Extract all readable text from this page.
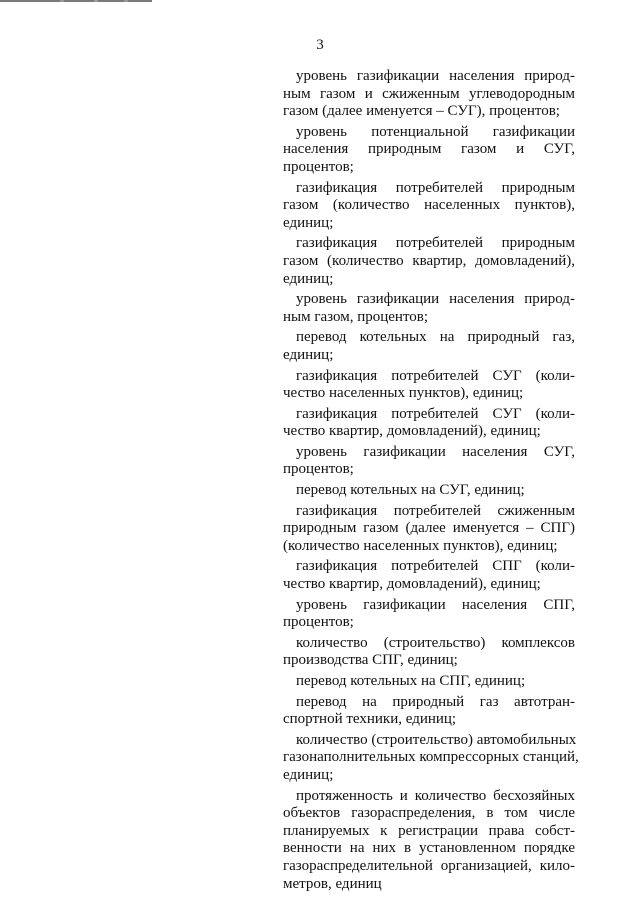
3
уровень газификации населения природ-
ным газом и сжиженным углеводородным
газом (далее именуется – СУГ), процентов;
уровень потенциальной газификации
населения природным газом и СУГ,
процентов;
газификация потребителей природным
газом (количество населенных пунктов),
единиц;
газификация потребителей природным
газом (количество квартир, домовладений),
единиц;
уровень газификации населения природ-
ным газом, процентов;
перевод котельных на природный газ,
единиц;
газификация потребителей СУГ (коли-
чество населенных пунктов), единиц;
газификация потребителей СУГ (коли-
чество квартир, домовладений), единиц;
уровень газификации населения СУГ,
процентов;
перевод котельных на СУГ, единиц;
газификация потребителей сжиженным
природным газом (далее именуется – СПГ)
(количество населенных пунктов), единиц;
газификация потребителей СПГ (коли-
чество квартир, домовладений), единиц;
уровень газификации населения СПГ,
процентов;
количество (строительство) комплексов
производства СПГ, единиц;
перевод котельных на СПГ, единиц;
перевод на природный газ автотран-
спортной техники, единиц;
количество (строительство) автомобильных
газонаполнительных компрессорных станций,
единиц;
протяженность и количество бесхозяйных
объектов газораспределения, в том числе
планируемых к регистрации права собст-
венности на них в установленном порядке
газораспределительной организацией, кило-
метров, единиц
